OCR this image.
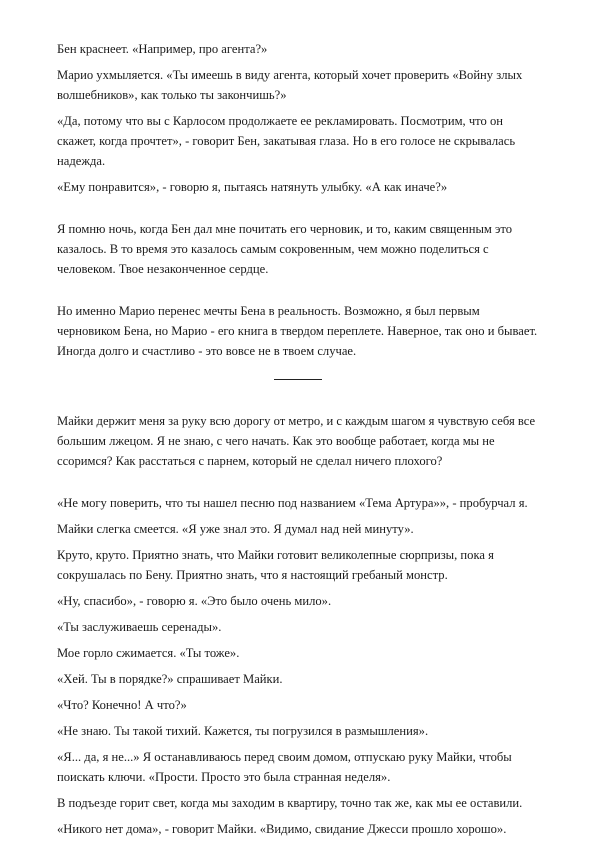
Бен краснеет. «Например, про агента?»

Марио ухмыляется. «Ты имеешь в виду агента, который хочет проверить «Войну злых волшебников», как только ты закончишь?»

«Да, потому что вы с Карлосом продолжаете ее рекламировать. Посмотрим, что он скажет, когда прочтет», - говорит Бен, закатывая глаза. Но в его голосе не скрывалась надежда.

«Ему понравится», - говорю я, пытаясь натянуть улыбку. «А как иначе?»

Я помню ночь, когда Бен дал мне почитать его черновик, и то, каким священным это казалось. В то время это казалось самым сокровенным, чем можно поделиться с человеком. Твое незаконченное сердце.

Но именно Марио перенес мечты Бена в реальность. Возможно, я был первым черновиком Бена, но Марио - его книга в твердом переплете. Наверное, так оно и бывает. Иногда долго и счастливо - это вовсе не в твоем случае.

Майки держит меня за руку всю дорогу от метро, и с каждым шагом я чувствую себя все большим лжецом. Я не знаю, с чего начать. Как это вообще работает, когда мы не ссоримся? Как расстаться с парнем, который не сделал ничего плохого?

«Не могу поверить, что ты нашел песню под названием «Тема Артура»», - пробурчал я.

Майки слегка смеется. «Я уже знал это. Я думал над ней минуту».

Круто, круто. Приятно знать, что Майки готовит великолепные сюрпризы, пока я сокрушалась по Бену. Приятно знать, что я настоящий гребаный монстр.

«Ну, спасибо», - говорю я. «Это было очень мило».

«Ты заслуживаешь серенады».

Мое горло сжимается. «Ты тоже».

«Хей. Ты в порядке?» спрашивает Майки.

«Что? Конечно! А что?»

«Не знаю. Ты такой тихий. Кажется, ты погрузился в размышления».

«Я... да, я не...» Я останавливаюсь перед своим домом, отпускаю руку Майки, чтобы поискать ключи. «Прости. Просто это была странная неделя».

В подъезде горит свет, когда мы заходим в квартиру, точно так же, как мы ее оставили.

«Никого нет дома», - говорит Майки. «Видимо, свидание Джесси прошло хорошо».
